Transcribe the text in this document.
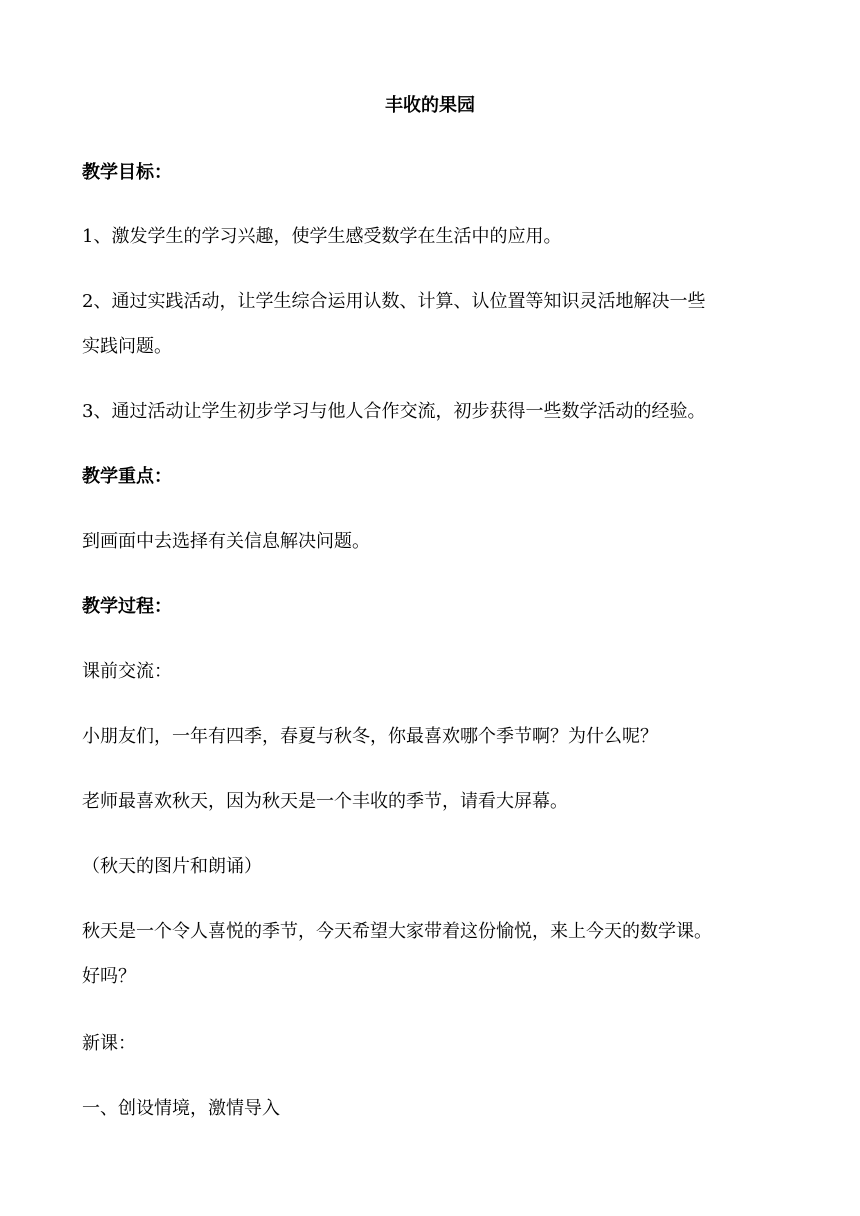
丰收的果园
教学目标：
1、激发学生的学习兴趣，使学生感受数学在生活中的应用。
2、通过实践活动，让学生综合运用认数、计算、认位置等知识灵活地解决一些
实践问题。
3、通过活动让学生初步学习与他人合作交流，初步获得一些数学活动的经验。
教学重点：
到画面中去选择有关信息解决问题。
教学过程：
课前交流：
小朋友们，一年有四季，春夏与秋冬，你最喜欢哪个季节啊？为什么呢？
老师最喜欢秋天，因为秋天是一个丰收的季节，请看大屏幕。
（秋天的图片和朗诵）
秋天是一个令人喜悦的季节，今天希望大家带着这份愉悦，来上今天的数学课。
好吗？
新课：
一、创设情境，激情导入
